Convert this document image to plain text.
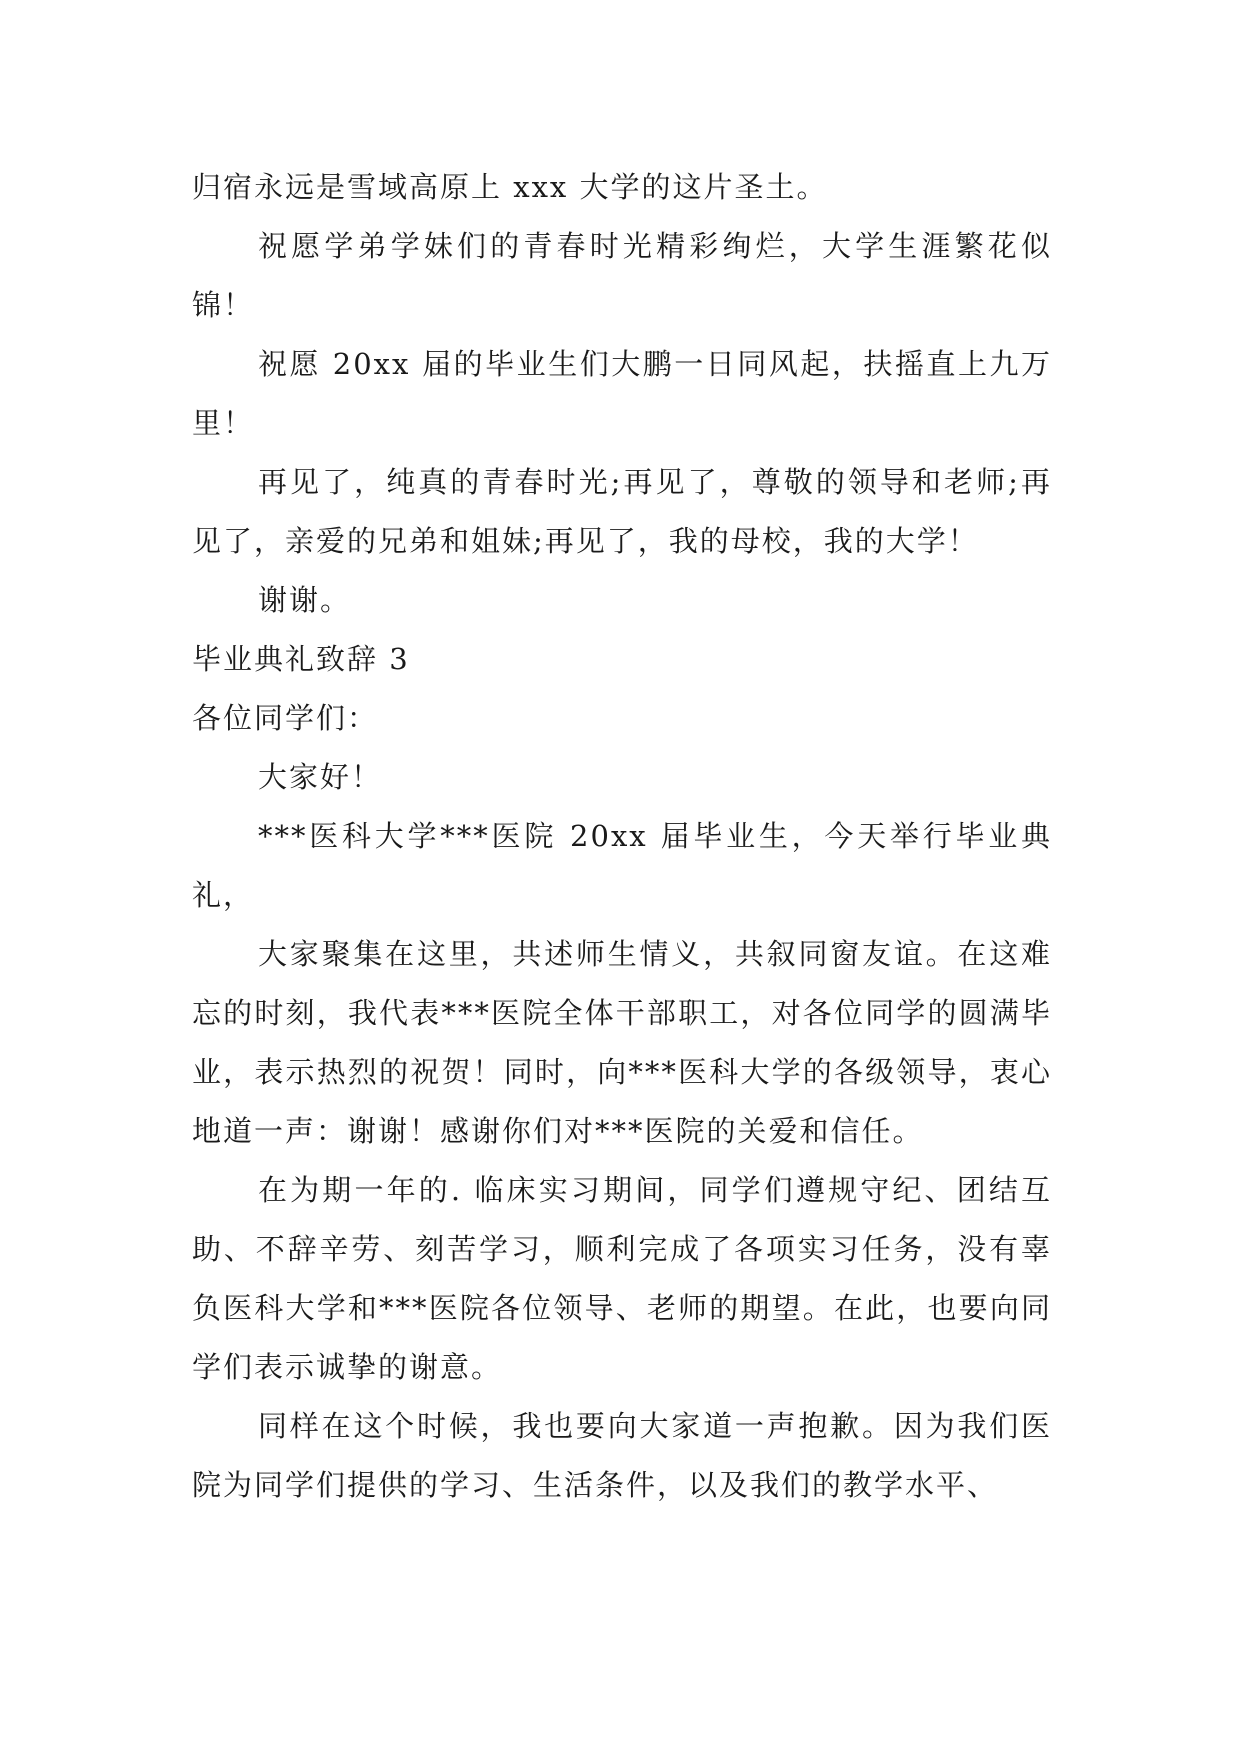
归宿永远是雪域高原上 xxx 大学的这片圣土。

祝愿学弟学妹们的青春时光精彩绚烂，大学生涯繁花似锦！

祝愿 20xx 届的毕业生们大鹏一日同风起，扶摇直上九万里！

再见了，纯真的青春时光;再见了，尊敬的领导和老师;再见了，亲爱的兄弟和姐妹;再见了，我的母校，我的大学！

谢谢。

毕业典礼致辞 3

各位同学们：

大家好！

***医科大学***医院 20xx 届毕业生，今天举行毕业典礼，

大家聚集在这里，共述师生情义，共叙同窗友谊。在这难忘的时刻，我代表***医院全体干部职工，对各位同学的圆满毕业，表示热烈的祝贺！同时，向***医科大学的各级领导，衷心地道一声：谢谢！感谢你们对***医院的关爱和信任。

在为期一年的. 临床实习期间，同学们遵规守纪、团结互助、不辞辛劳、刻苦学习，顺利完成了各项实习任务，没有辜负医科大学和***医院各位领导、老师的期望。在此，也要向同学们表示诚挚的谢意。

同样在这个时候，我也要向大家道一声抱歉。因为我们医院为同学们提供的学习、生活条件，以及我们的教学水平、
